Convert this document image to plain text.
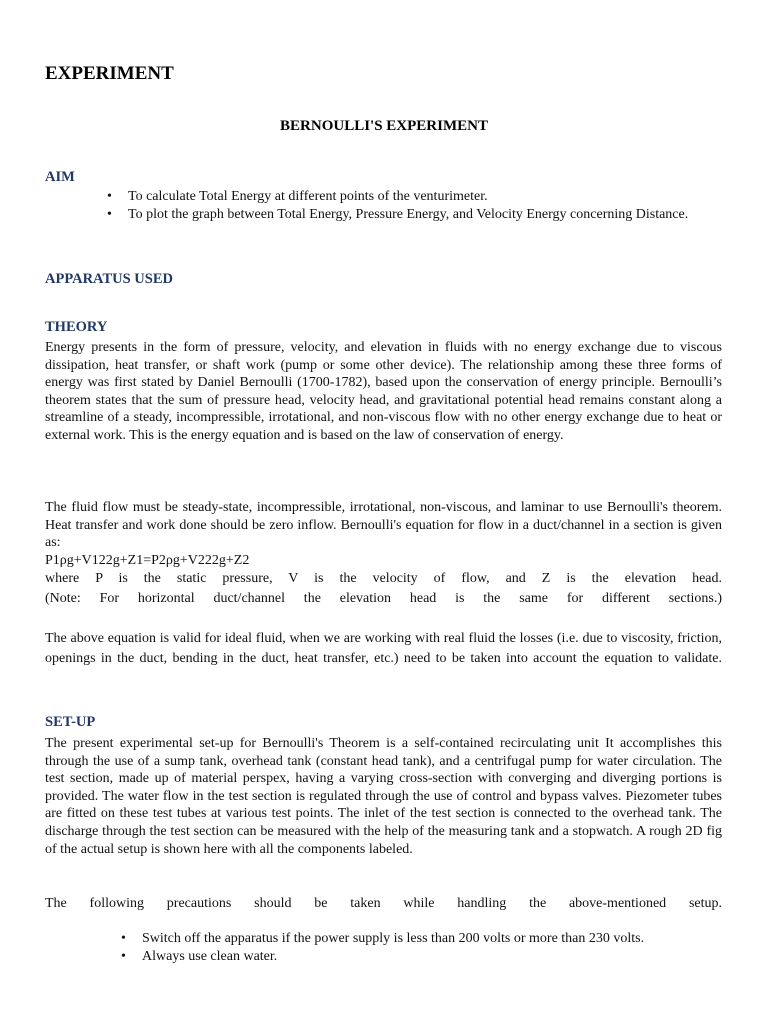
EXPERIMENT
BERNOULLI'S EXPERIMENT
AIM
• To calculate Total Energy at different points of the venturimeter.
• To plot the graph between Total Energy, Pressure Energy, and Velocity Energy concerning Distance.
APPARATUS USED
THEORY

Energy presents in the form of pressure, velocity, and elevation in fluids with no energy exchange due to viscous dissipation, heat transfer, or shaft work (pump or some other device). The relationship among these three forms of energy was first stated by Daniel Bernoulli (1700-1782), based upon the conservation of energy principle. Bernoulli’s theorem states that the sum of pressure head, velocity head, and gravitational potential head remains constant along a streamline of a steady, incompressible, irrotational, and non-viscous flow with no other energy exchange due to heat or external work. This is the energy equation and is based on the law of conservation of energy.

The fluid flow must be steady-state, incompressible, irrotational, non-viscous, and laminar to use Bernoulli's theorem. Heat transfer and work done should be zero inflow. Bernoulli's equation for flow in a duct/channel in a section is given as:

P1ρg+V122g+Z1=P2ρg+V222g+Z2
where P is the static pressure, V is the velocity of flow, and Z is the elevation head.
(Note: For horizontal duct/channel the elevation head is the same for different sections.)

The above equation is valid for ideal fluid, when we are working with real fluid the losses (i.e. due to viscosity, friction, openings in the duct, bending in the duct, heat transfer, etc.) need to be taken into account the equation to validate.

SET-UP

The present experimental set-up for Bernoulli's Theorem is a self-contained recirculating unit It accomplishes this through the use of a sump tank, overhead tank (constant head tank), and a centrifugal pump for water circulation. The test section, made up of material perspex, having a varying cross-section with converging and diverging portions is provided. The water flow in the test section is regulated through the use of control and bypass valves. Piezometer tubes are fitted on these test tubes at various test points. The inlet of the test section is connected to the overhead tank. The discharge through the test section can be measured with the help of the measuring tank and a stopwatch. A rough 2D fig of the actual setup is shown here with all the components labeled.

The following precautions should be taken while handling the above-mentioned setup.
• Switch off the apparatus if the power supply is less than 200 volts or more than 230 volts.
• Always use clean water.
